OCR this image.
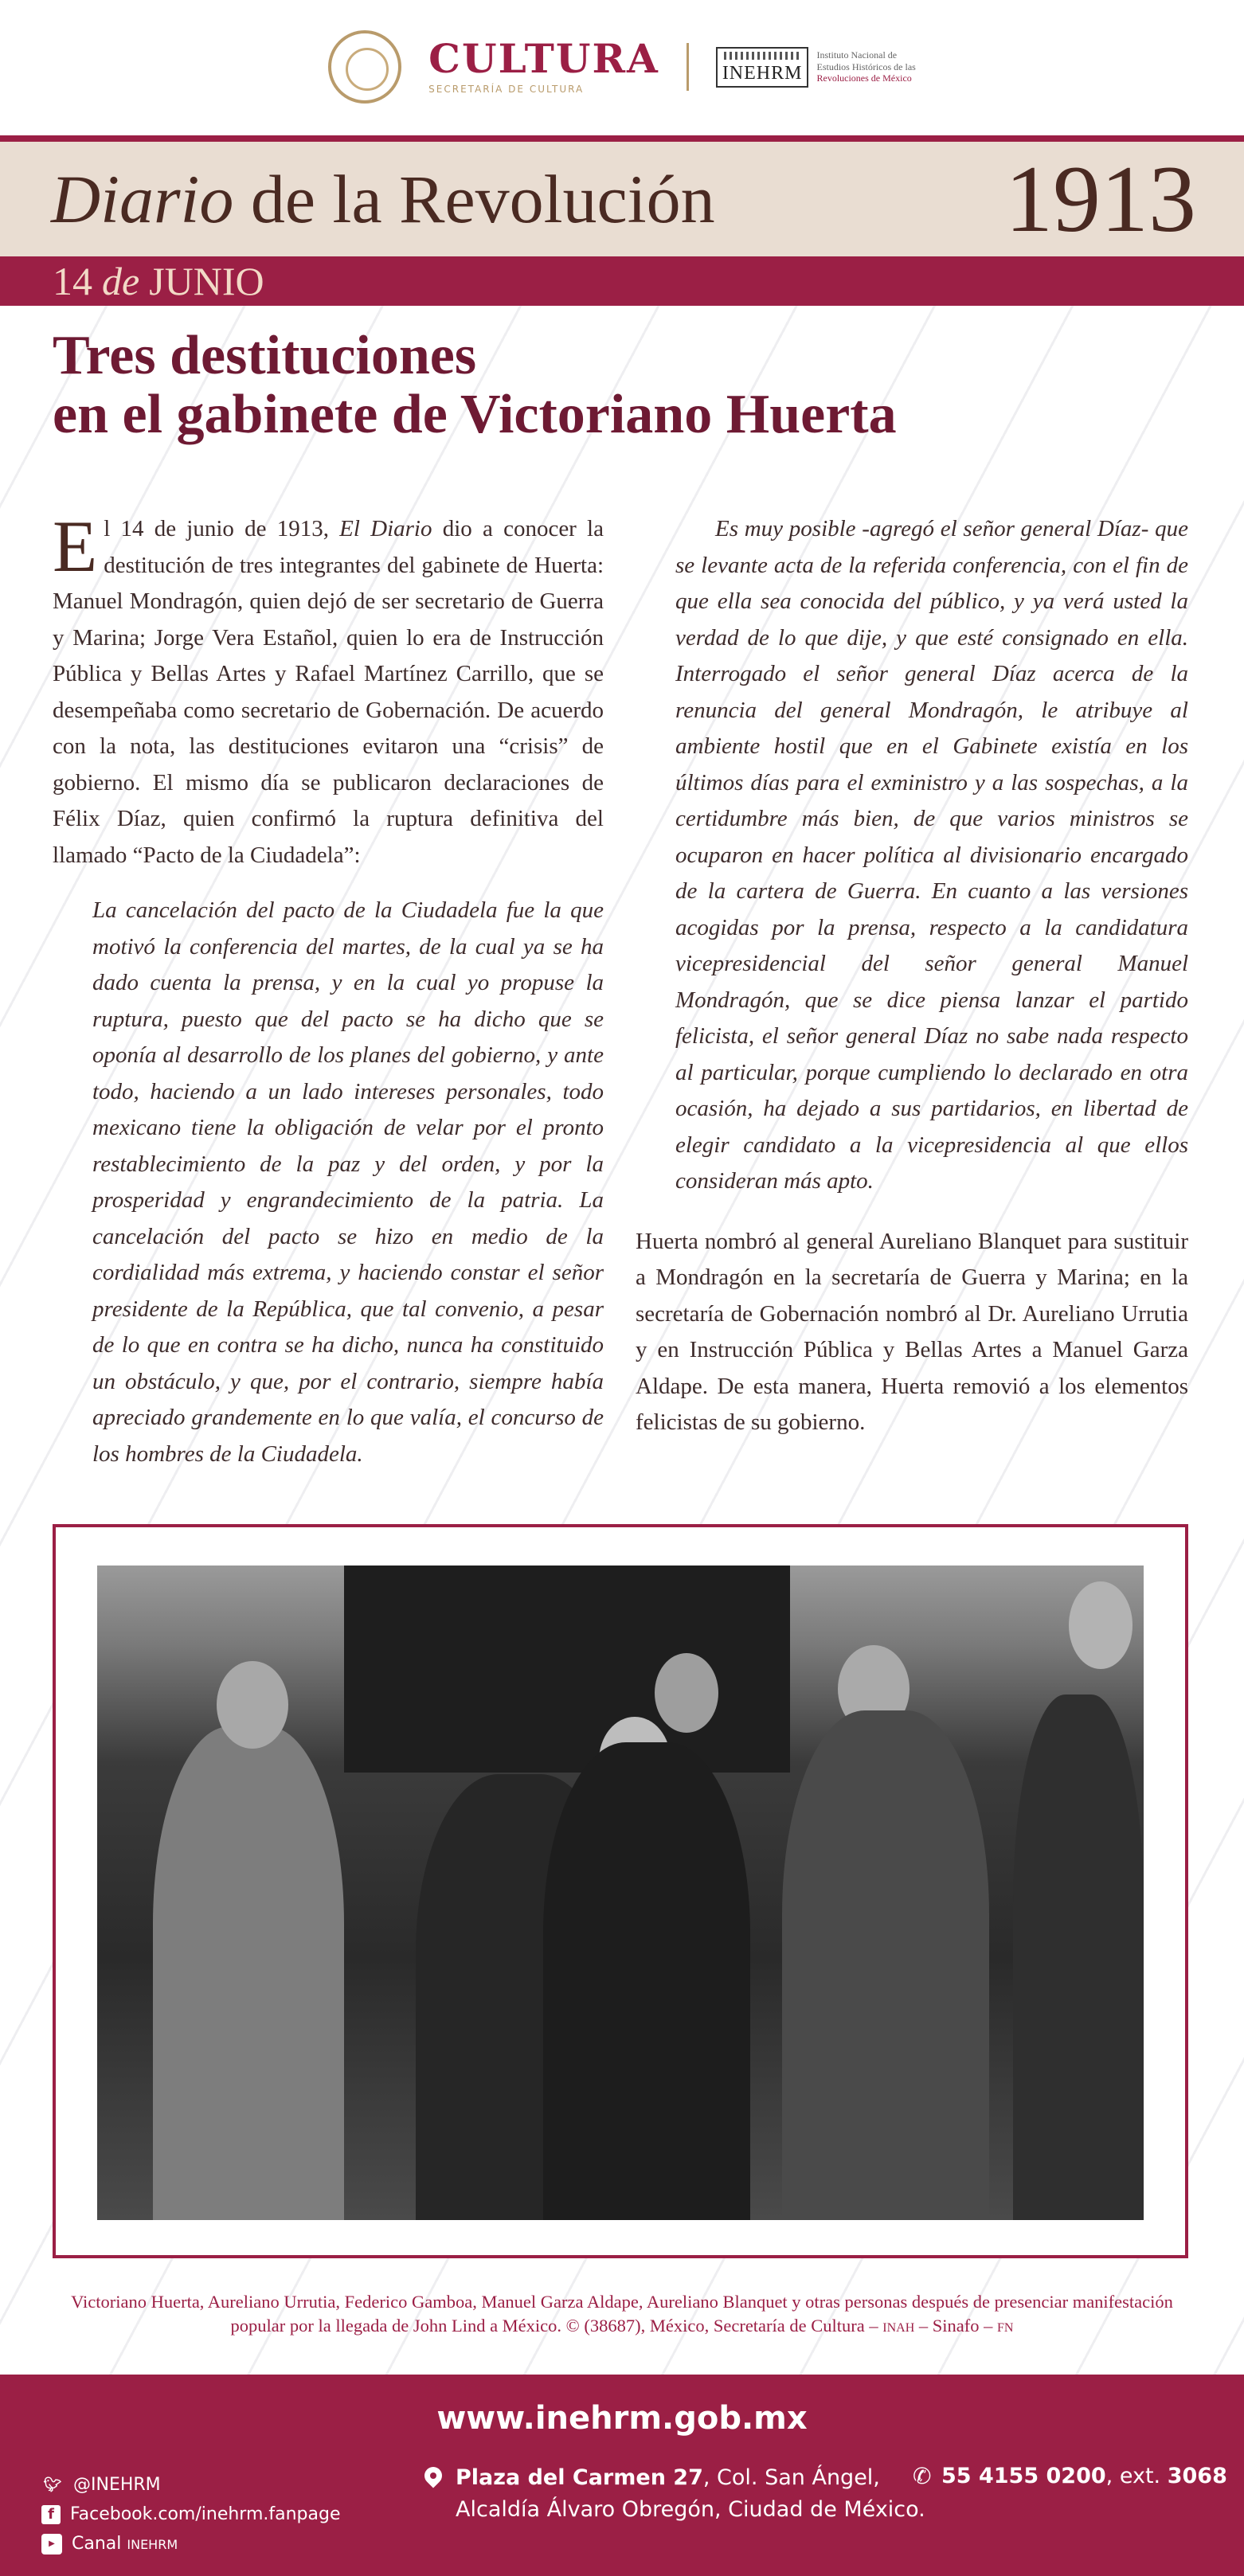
CULTURA
SECRETARÍA DE CULTURA
INEHRM
Instituto Nacional de
Estudios Históricos de las
Revoluciones de México
Diario de la Revolución	1913
14 de JUNIO
Tres destituciones
en el gabinete de Victoriano Huerta

El 14 de junio de 1913, El Diario dio a conocer la destitución de tres integrantes del gabinete de Huerta: Manuel Mondragón, quien dejó de ser secretario de Guerra y Marina; Jorge Vera Estañol, quien lo era de Instrucción Pública y Bellas Artes y Rafael Martínez Carrillo, que se desempeñaba como secretario de Gobernación. De acuerdo con la nota, las destituciones evitaron una “crisis” de gobierno. El mismo día se publicaron declaraciones de Félix Díaz, quien confirmó la ruptura definitiva del llamado “Pacto de la Ciudadela”:

La cancelación del pacto de la Ciudadela fue la que motivó la conferencia del martes, de la cual ya se ha dado cuenta la prensa, y en la cual yo propuse la ruptura, puesto que del pacto se ha dicho que se oponía al desarrollo de los planes del gobierno, y ante todo, haciendo a un lado intereses personales, todo mexicano tiene la obligación de velar por el pronto restablecimiento de la paz y del orden, y por la prosperidad y engrandecimiento de la patria. La cancelación del pacto se hizo en medio de la cordialidad más extrema, y haciendo constar el señor presidente de la República, que tal convenio, a pesar de lo que en contra se ha dicho, nunca ha constituido un obstáculo, y que, por el contrario, siempre había apreciado grandemente en lo que valía, el concurso de los hombres de la Ciudadela.

Es muy posible -agregó el señor general Díaz- que se levante acta de la referida conferencia, con el fin de que ella sea conocida del público, y ya verá usted la verdad de lo que dije, y que esté consignado en ella. Interrogado el señor general Díaz acerca de la renuncia del general Mondragón, le atribuye al ambiente hostil que en el Gabinete existía en los últimos días para el exministro y a las sospechas, a la certidumbre más bien, de que varios ministros se ocuparon en hacer política al divisionario encargado de la cartera de Guerra. En cuanto a las versiones acogidas por la prensa, respecto a la candidatura vicepresidencial del señor general Manuel Mondragón, que se dice piensa lanzar el partido felicista, el señor general Díaz no sabe nada respecto al particular, porque cumpliendo lo declarado en otra ocasión, ha dejado a sus partidarios, en libertad de elegir candidato a la vicepresidencia al que ellos consideran más apto.

Huerta nombró al general Aureliano Blanquet para sustituir a Mondragón en la secretaría de Guerra y Marina; en la secretaría de Gobernación nombró al Dr. Aureliano Urrutia y en Instrucción Pública y Bellas Artes a Manuel Garza Aldape. De esta manera, Huerta removió a los elementos felicistas de su gobierno.

Victoriano Huerta, Aureliano Urrutia, Federico Gamboa, Manuel Garza Aldape, Aureliano Blanquet y otras personas después de presenciar manifestación popular por la llegada de John Lind a México. © (38687), México, Secretaría de Cultura – INAH – Sinafo – FN

www.inehrm.gob.mx
🐦︎ @INEHRM
f Facebook.com/inehrm.fanpage
▶ Canal INEHRM
Plaza del Carmen 27, Col. San Ángel,
Alcaldía Álvaro Obregón, Ciudad de México.
✆ 55 4155 0200, ext. 3068
